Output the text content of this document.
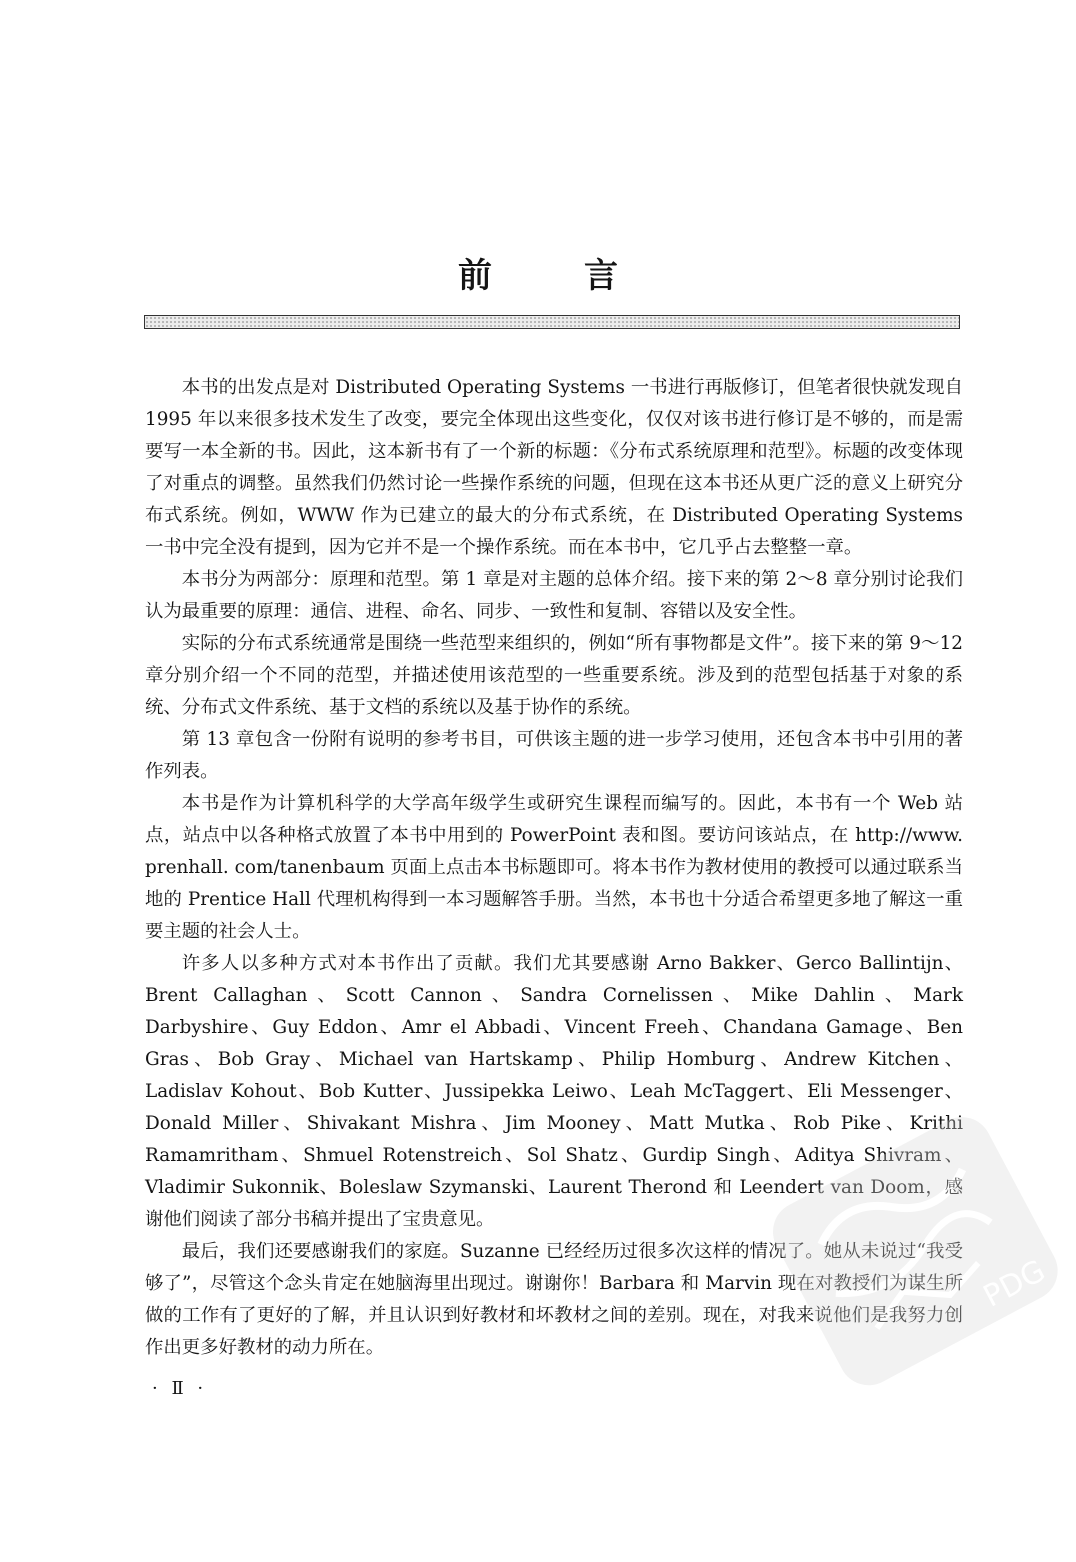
前	言

本书的出发点是对 Distributed Operating Systems 一书进行再版修订，但笔者很快就发现自 1995 年以来很多技术发生了改变，要完全体现出这些变化，仅仅对该书进行修订是不够的，而是需要写一本全新的书。因此，这本新书有了一个新的标题：《分布式系统原理和范型》。标题的改变体现了对重点的调整。虽然我们仍然讨论一些操作系统的问题，但现在这本书还从更广泛的意义上研究分布式系统。例如，WWW 作为已建立的最大的分布式系统，在 Distributed Operating Systems 一书中完全没有提到，因为它并不是一个操作系统。而在本书中，它几乎占去整整一章。

本书分为两部分：原理和范型。第 1 章是对主题的总体介绍。接下来的第 2～8 章分别讨论我们认为最重要的原理：通信、进程、命名、同步、一致性和复制、容错以及安全性。

实际的分布式系统通常是围绕一些范型来组织的，例如“所有事物都是文件”。接下来的第 9～12 章分别介绍一个不同的范型，并描述使用该范型的一些重要系统。涉及到的范型包括基于对象的系统、分布式文件系统、基于文档的系统以及基于协作的系统。

第 13 章包含一份附有说明的参考书目，可供该主题的进一步学习使用，还包含本书中引用的著作列表。

本书是作为计算机科学的大学高年级学生或研究生课程而编写的。因此，本书有一个 Web 站点，站点中以各种格式放置了本书中用到的 PowerPoint 表和图。要访问该站点，在 http://www. prenhall. com/tanenbaum 页面上点击本书标题即可。将本书作为教材使用的教授可以通过联系当地的 Prentice Hall 代理机构得到一本习题解答手册。当然，本书也十分适合希望更多地了解这一重要主题的社会人士。

许多人以多种方式对本书作出了贡献。我们尤其要感谢 Arno Bakker、Gerco Ballintijn、Brent Callaghan、Scott Cannon、Sandra Cornelissen、Mike Dahlin、Mark Darbyshire、Guy Eddon、Amr el Abbadi、Vincent Freeh、Chandana Gamage、Ben Gras、Bob Gray、Michael van Hartskamp、Philip Homburg、Andrew Kitchen、Ladislav Kohout、Bob Kutter、Jussipekka Leiwo、Leah McTaggert、Eli Messenger、Donald Miller、Shivakant Mishra、Jim Mooney、Matt Mutka、Rob Pike、Krithi Ramamritham、Shmuel Rotenstreich、Sol Shatz、Gurdip Singh、Aditya Shivram、Vladimir Sukonnik、Boleslaw Szymanski、Laurent Therond 和 Leendert van Doom，感谢他们阅读了部分书稿并提出了宝贵意见。

最后，我们还要感谢我们的家庭。Suzanne 已经经历过很多次这样的情况了。她从未说过“我受够了”，尽管这个念头肯定在她脑海里出现过。谢谢你！Barbara 和 Marvin 现在对教授们为谋生所做的工作有了更好的了解，并且认识到好教材和坏教材之间的差别。现在，对我来说他们是我努力创作出更多好教材的动力所在。

· Ⅱ ·
PDG
